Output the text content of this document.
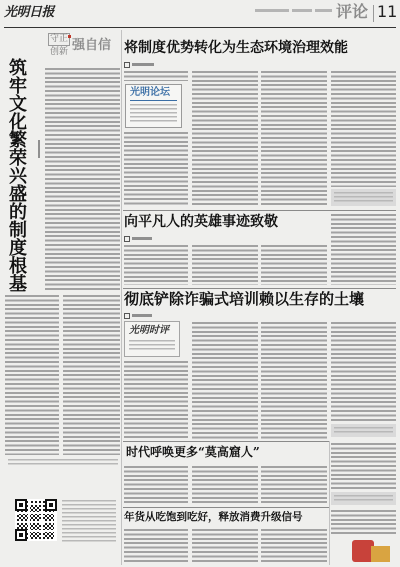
光明日报	评论 11
守正
创新 强自信
筑牢文化繁荣兴盛的制度根基
将制度优势转化为生态环境治理效能
光明论坛
向平凡人的英雄事迹致敬
彻底铲除诈骗式培训赖以生存的土壤
光明时评
时代呼唤更多“莫高窟人”
年货从吃饱到吃好，释放消费升级信号
